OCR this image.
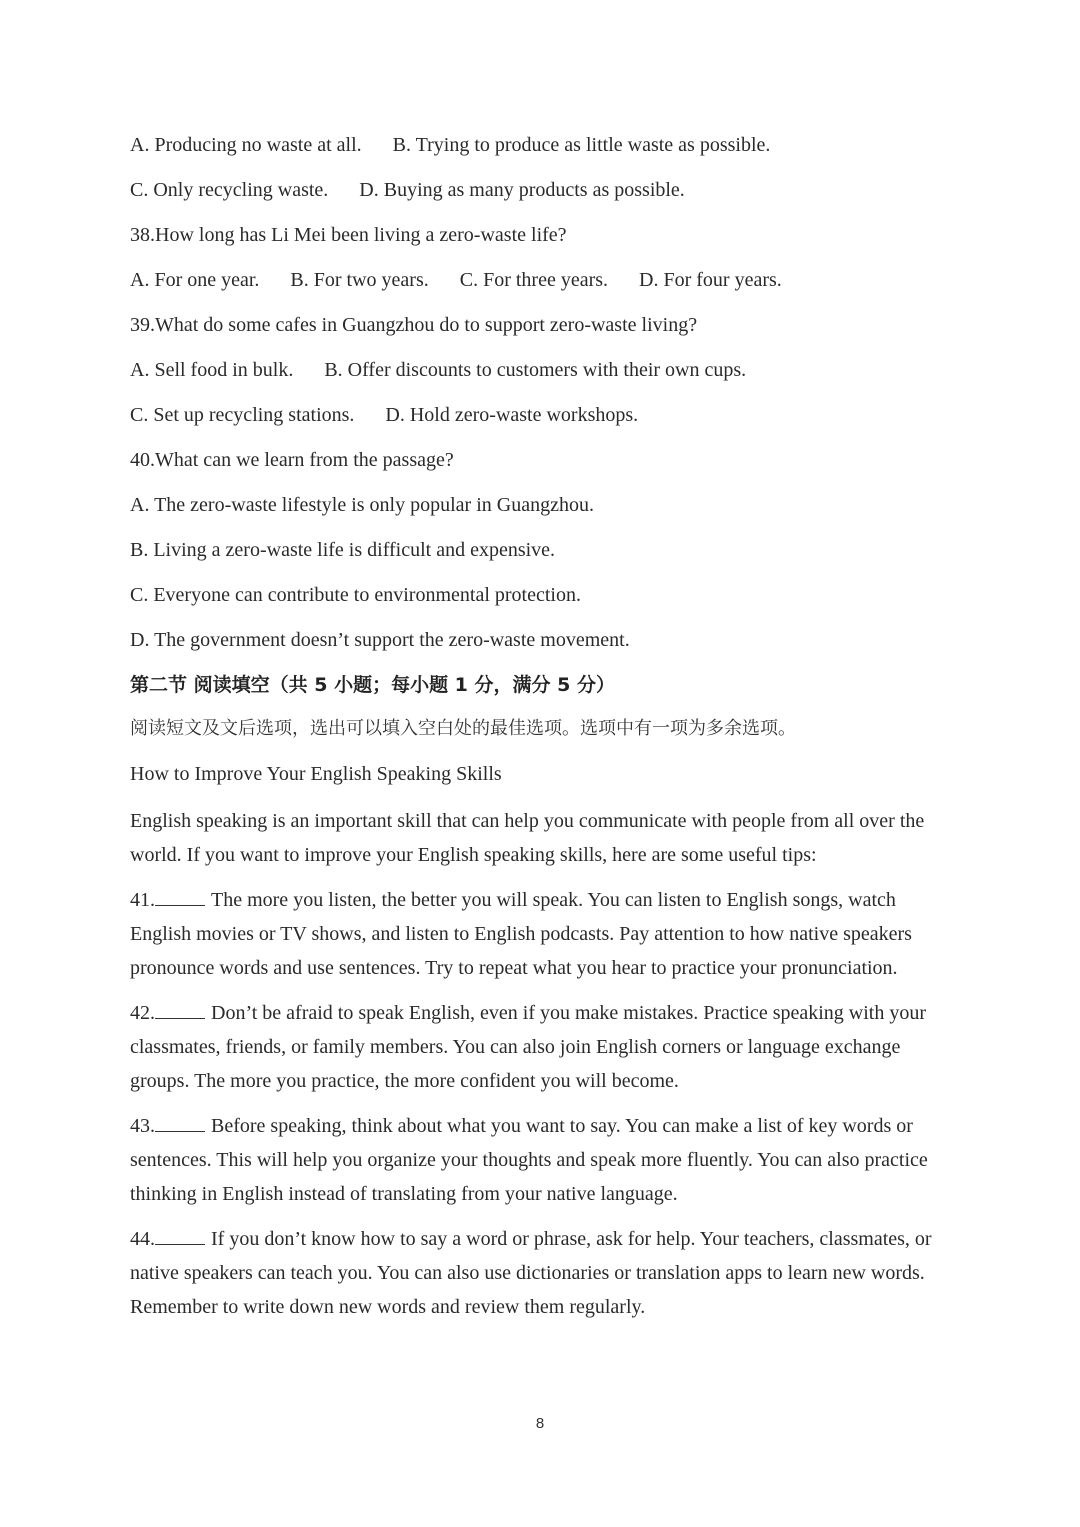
A. Producing no waste at all. B. Trying to produce as little waste as possible.
C. Only recycling waste. D. Buying as many products as possible.
38.How long has Li Mei been living a zero-waste life?
A. For one year. B. For two years. C. For three years. D. For four years.
39.What do some cafes in Guangzhou do to support zero-waste living?
A. Sell food in bulk. B. Offer discounts to customers with their own cups.
C. Set up recycling stations. D. Hold zero-waste workshops.
40.What can we learn from the passage?
A. The zero-waste lifestyle is only popular in Guangzhou.
B. Living a zero-waste life is difficult and expensive.
C. Everyone can contribute to environmental protection.
D. The government doesn’t support the zero-waste movement.
第二节 阅读填空（共 5 小题；每小题 1 分，满分 5 分）
阅读短文及文后选项，选出可以填入空白处的最佳选项。选项中有一项为多余选项。
How to Improve Your English Speaking Skills
English speaking is an important skill that can help you communicate with people from all over the world. If you want to improve your English speaking skills, here are some useful tips:
41.	The more you listen, the better you will speak. You can listen to English songs, watch English movies or TV shows, and listen to English podcasts. Pay attention to how native speakers pronounce words and use sentences. Try to repeat what you hear to practice your pronunciation.
42.	Don’t be afraid to speak English, even if you make mistakes. Practice speaking with your classmates, friends, or family members. You can also join English corners or language exchange groups. The more you practice, the more confident you will become.
43.	Before speaking, think about what you want to say. You can make a list of key words or sentences. This will help you organize your thoughts and speak more fluently. You can also practice thinking in English instead of translating from your native language.
44.	If you don’t know how to say a word or phrase, ask for help. Your teachers, classmates, or native speakers can teach you. You can also use dictionaries or translation apps to learn new words. Remember to write down new words and review them regularly.
8
